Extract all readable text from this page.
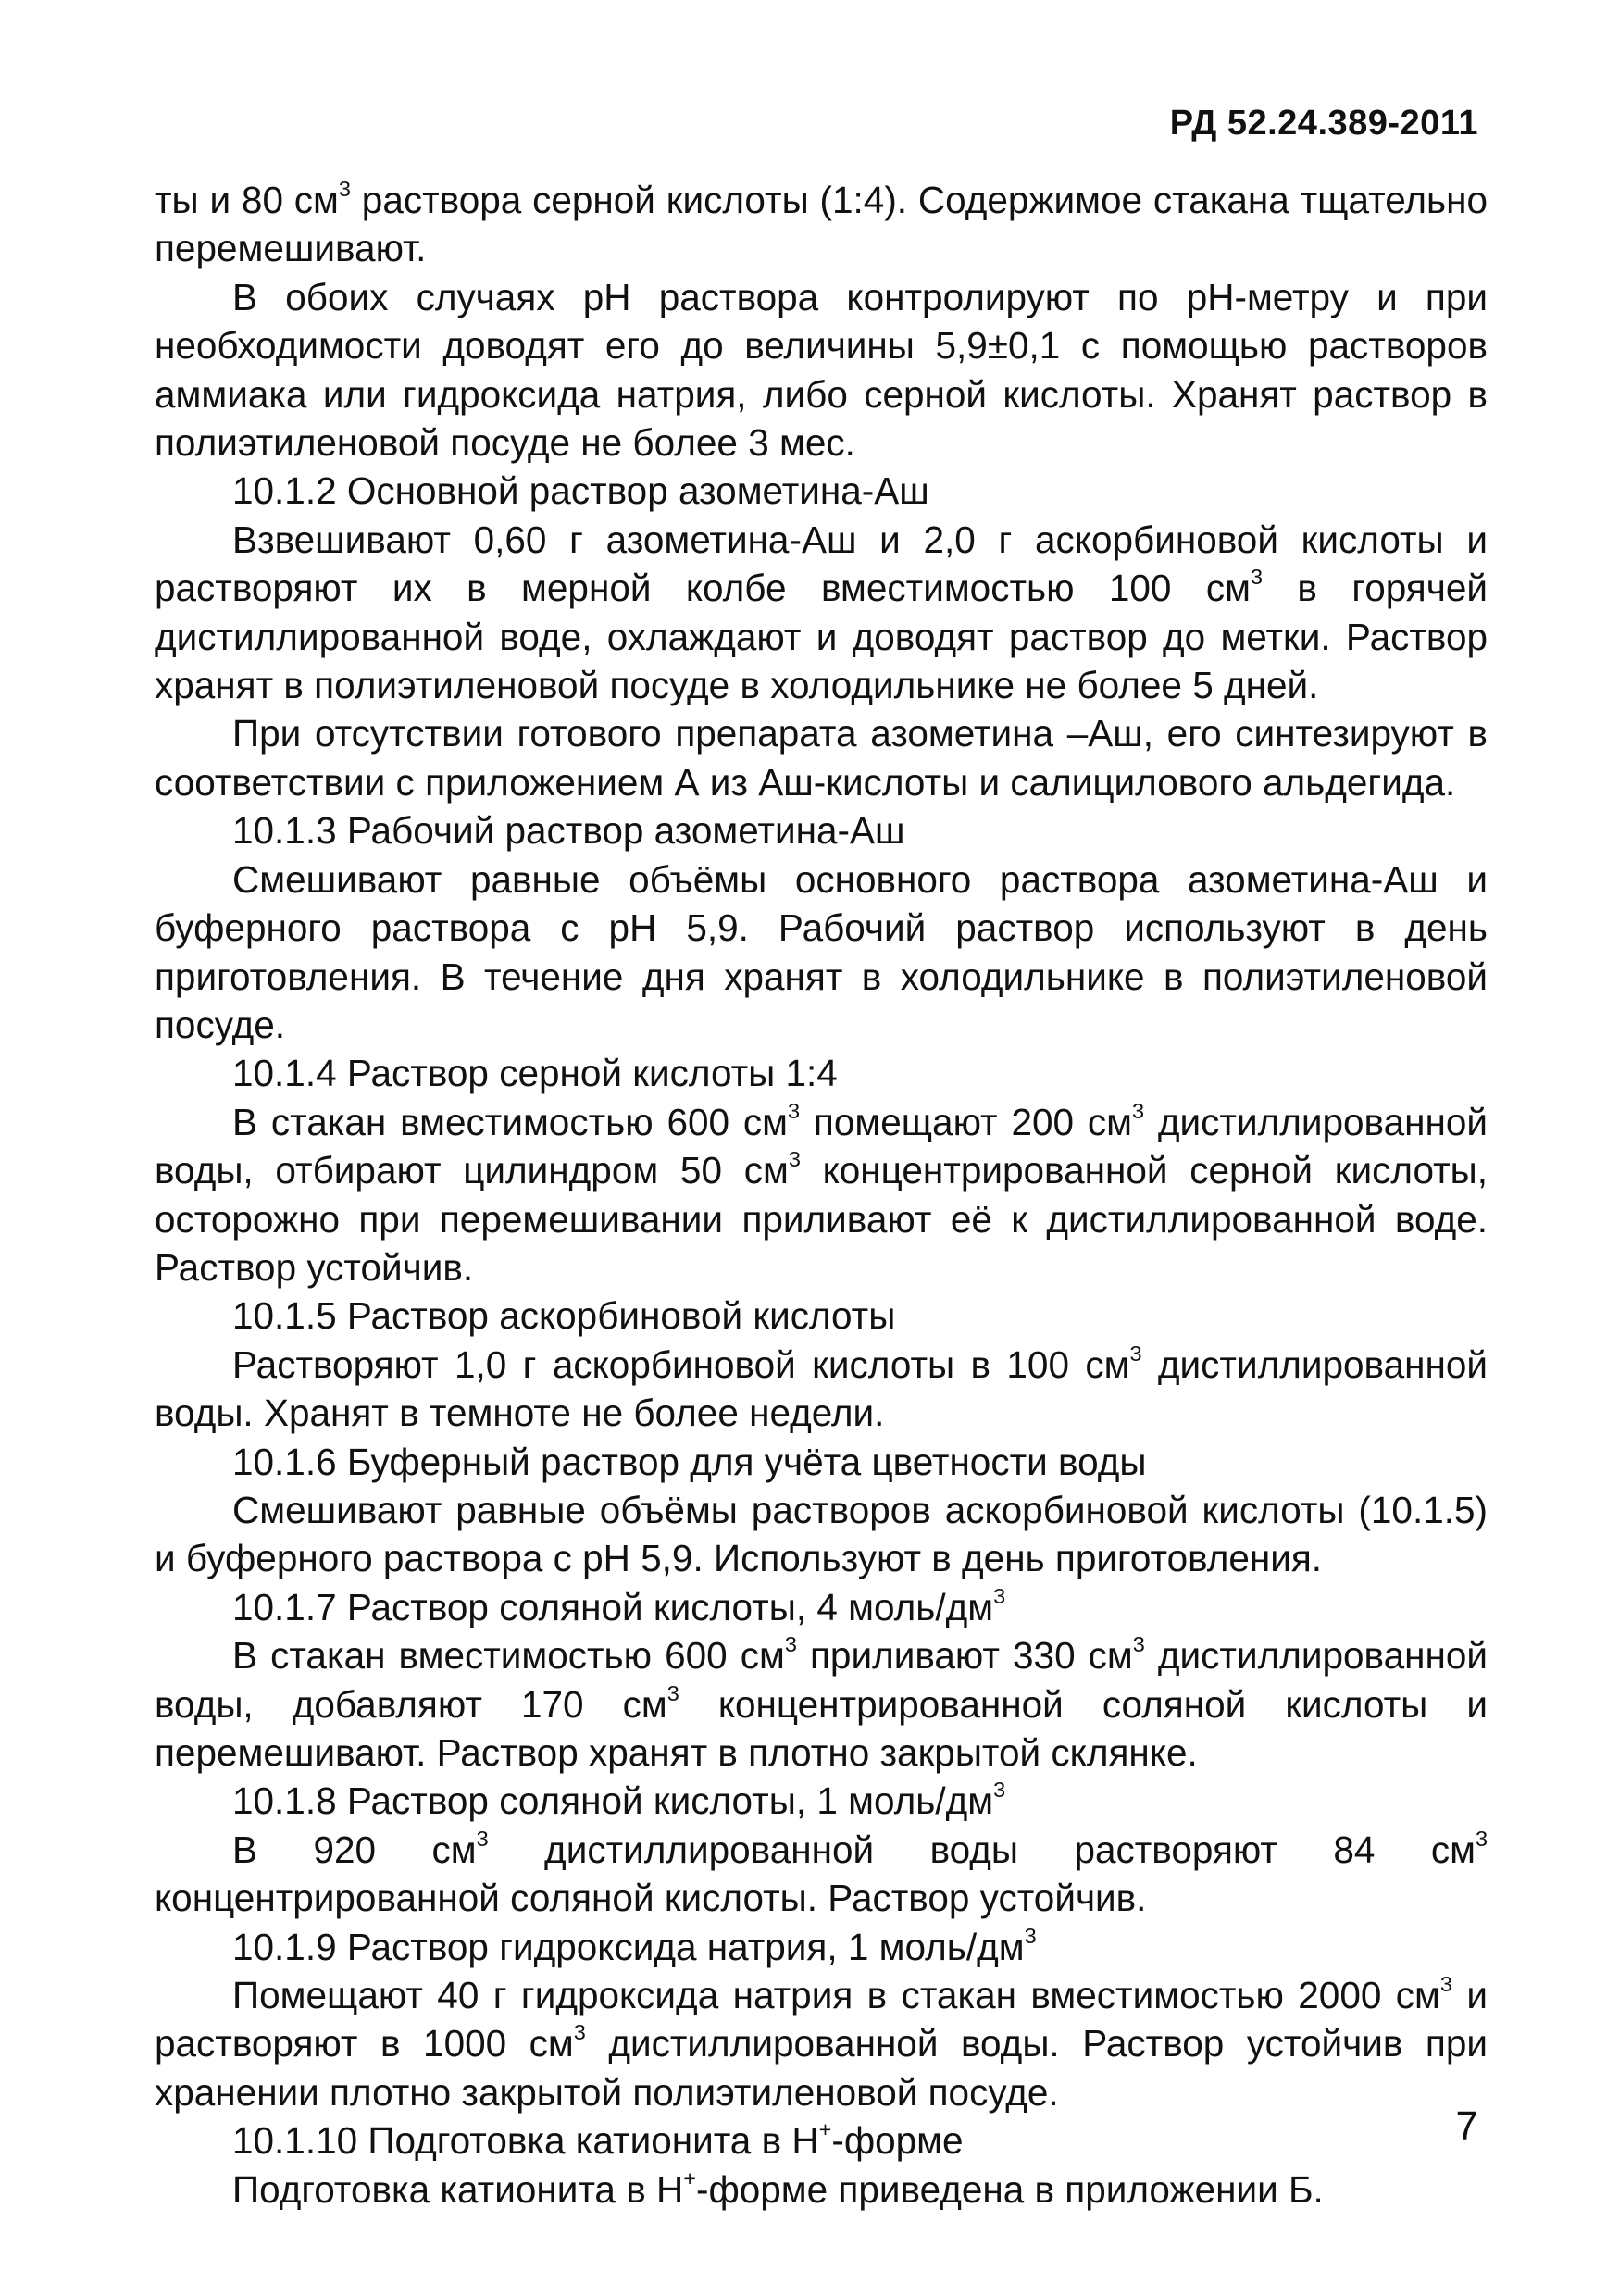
РД 52.24.389-2011

ты и 80 $см^3$ раствора серной кислоты (1:4). Содержимое стакана тщательно перемешивают.

В обоих случаях pH раствора контролируют по pH-метру и при необходимости доводят его до величины 5,9±0,1 с помощью растворов аммиака или гидроксида натрия, либо серной кислоты. Хранят раствор в полиэтиленовой посуде не более 3 мес.

10.1.2 Основной раствор азометина-Аш

Взвешивают 0,60 г азометина-Аш и 2,0 г аскорбиновой кислоты и растворяют их в мерной колбе вместимостью 100 $см^3$ в горячей дистиллированной воде, охлаждают и доводят раствор до метки. Раствор хранят в полиэтиленовой посуде в холодильнике не более 5 дней.

При отсутствии готового препарата азометина –Аш, его синтезируют в соответствии с приложением А из Аш-кислоты и салицилового альдегида.

10.1.3 Рабочий раствор азометина-Аш

Смешивают равные объёмы основного раствора азометина-Аш и буферного раствора с pH 5,9. Рабочий раствор используют в день приготовления. В течение дня хранят в холодильнике в полиэтиленовой посуде.

10.1.4 Раствор серной кислоты 1:4

В стакан вместимостью 600 $см^3$ помещают 200 $см^3$ дистиллированной воды, отбирают цилиндром 50 $см^3$ концентрированной серной кислоты, осторожно при перемешивании приливают её к дистиллированной воде. Раствор устойчив.

10.1.5 Раствор аскорбиновой кислоты

Растворяют 1,0 г аскорбиновой кислоты в 100 $см^3$ дистиллированной воды. Хранят в темноте не более недели.

10.1.6 Буферный раствор для учёта цветности воды

Смешивают равные объёмы растворов аскорбиновой кислоты (10.1.5) и буферного раствора с pH 5,9. Используют в день приготовления.

10.1.7 Раствор соляной кислоты, 4 моль/$дм^3$

В стакан вместимостью 600 $см^3$ приливают 330 $см^3$ дистиллированной воды, добавляют 170 $см^3$ концентрированной соляной кислоты и перемешивают. Раствор хранят в плотно закрытой склянке.

10.1.8 Раствор соляной кислоты, 1 моль/$дм^3$

В 920 $см^3$ дистиллированной воды растворяют 84 $см^3$ концентрированной соляной кислоты. Раствор устойчив.

10.1.9 Раствор гидроксида натрия, 1 моль/$дм^3$

Помещают 40 г гидроксида натрия в стакан вместимостью 2000 $см^3$ и растворяют в 1000 $см^3$ дистиллированной воды. Раствор устойчив при хранении плотно закрытой полиэтиленовой посуде.

10.1.10 Подготовка катионита в H+-форме

Подготовка катионита в H+-форме приведена в приложении Б.

7
